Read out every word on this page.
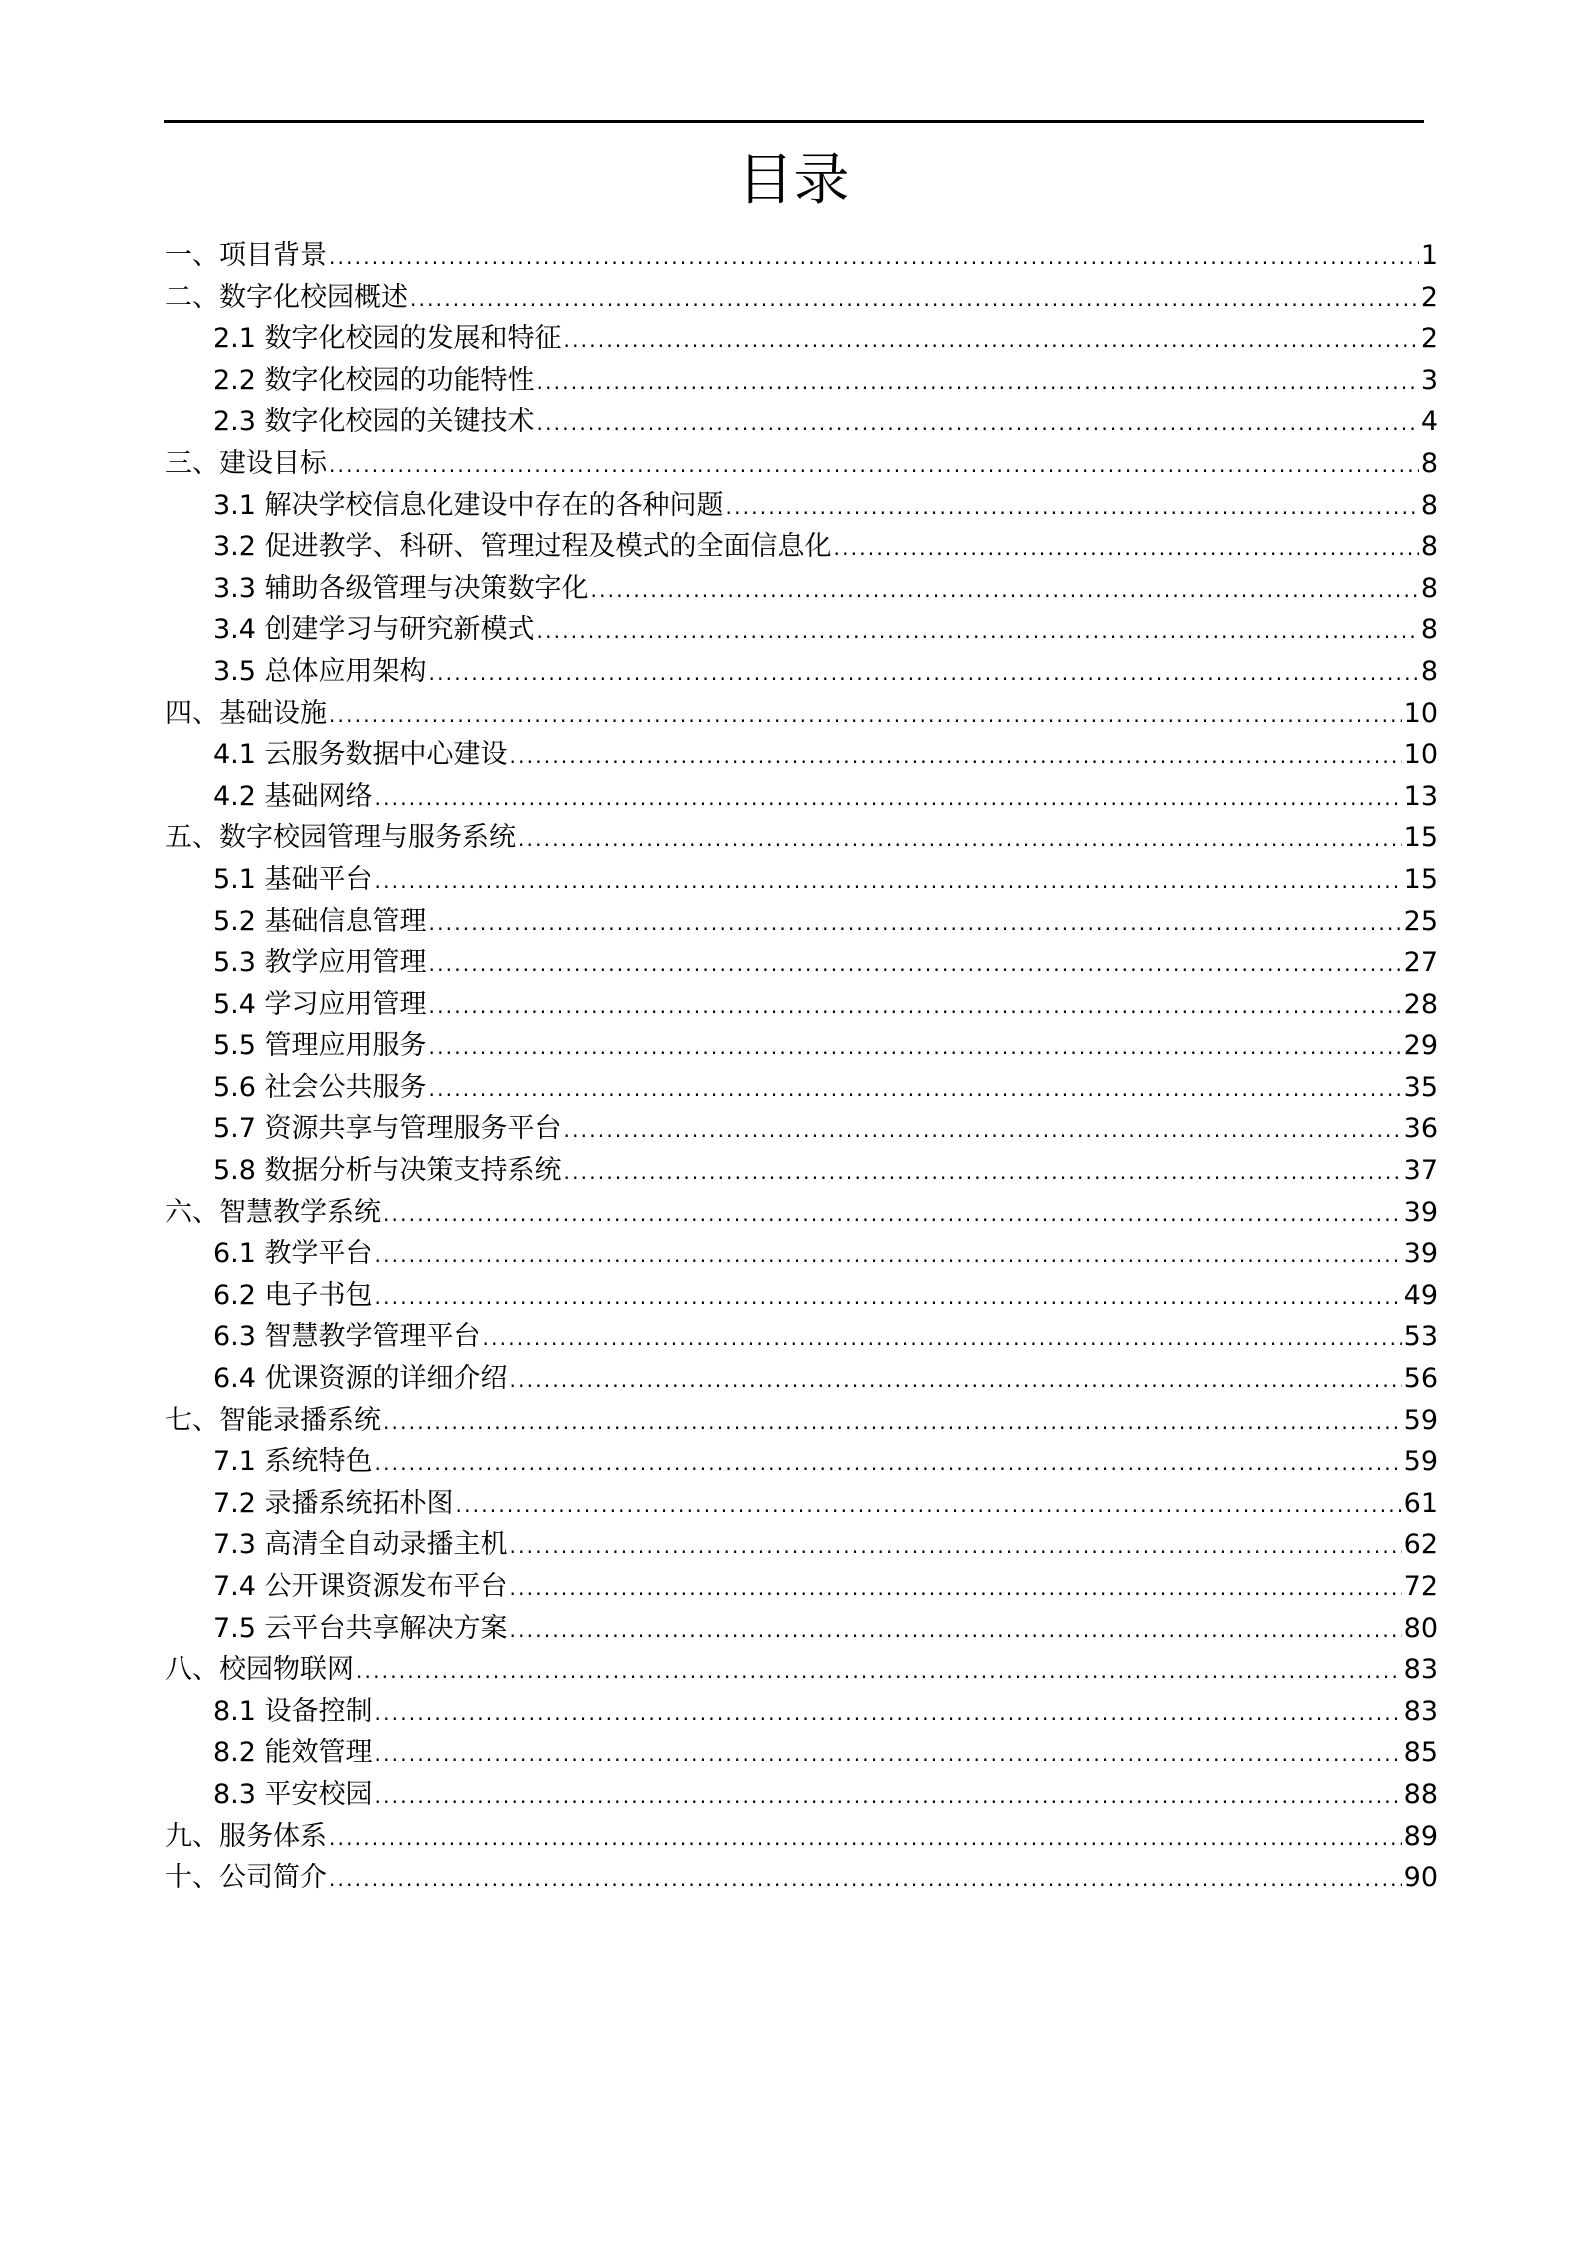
目录
一、项目背景 .....	1
二、数字化校园概述 .....	2
2.1 数字化校园的发展和特征 .....	2
2.2 数字化校园的功能特性 .....	3
2.3 数字化校园的关键技术 .....	4
三、建设目标 .....	8
3.1 解决学校信息化建设中存在的各种问题 .....	8
3.2 促进教学、科研、管理过程及模式的全面信息化 .....	8
3.3 辅助各级管理与决策数字化 .....	8
3.4 创建学习与研究新模式 .....	8
3.5 总体应用架构 .....	8
四、基础设施 .....	10
4.1 云服务数据中心建设 .....	10
4.2 基础网络 .....	13
五、数字校园管理与服务系统 .....	15
5.1 基础平台 .....	15
5.2 基础信息管理 .....	25
5.3 教学应用管理 .....	27
5.4 学习应用管理 .....	28
5.5 管理应用服务 .....	29
5.6 社会公共服务 .....	35
5.7 资源共享与管理服务平台 .....	36
5.8 数据分析与决策支持系统 .....	37
六、智慧教学系统 .....	39
6.1 教学平台 .....	39
6.2 电子书包 .....	49
6.3 智慧教学管理平台 .....	53
6.4 优课资源的详细介绍 .....	56
七、智能录播系统 .....	59
7.1 系统特色 .....	59
7.2 录播系统拓朴图 .....	61
7.3 高清全自动录播主机 .....	62
7.4 公开课资源发布平台 .....	72
7.5 云平台共享解决方案 .....	80
八、校园物联网 .....	83
8.1 设备控制 .....	83
8.2 能效管理 .....	85
8.3 平安校园 .....	88
九、服务体系 .....	89
十、公司简介 .....	90
